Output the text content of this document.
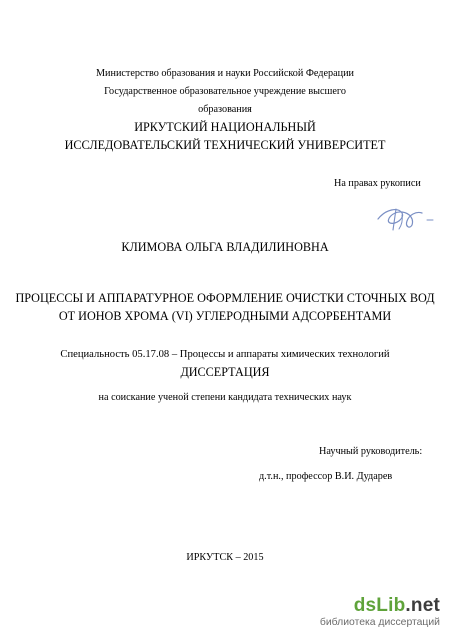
Министерство образования и науки Российской Федерации
Государственное образовательное учреждение высшего
образования
ИРКУТСКИЙ НАЦИОНАЛЬНЫЙ
ИССЛЕДОВАТЕЛЬСКИЙ ТЕХНИЧЕСКИЙ УНИВЕРСИТЕТ
На правах рукописи
КЛИМОВА ОЛЬГА ВЛАДИЛИНОВНА
ПРОЦЕССЫ И АППАРАТУРНОЕ ОФОРМЛЕНИЕ ОЧИСТКИ СТОЧНЫХ ВОД
ОТ ИОНОВ ХРОМА (VI) УГЛЕРОДНЫМИ АДСОРБЕНТАМИ
Специальность 05.17.08 – Процессы и аппараты химических технологий
ДИССЕРТАЦИЯ
на соискание ученой степени кандидата технических наук
Научный руководитель:
д.т.н., профессор В.И. Дударев
ИРКУТСК – 2015
dsLib.net
библиотека диссертаций
